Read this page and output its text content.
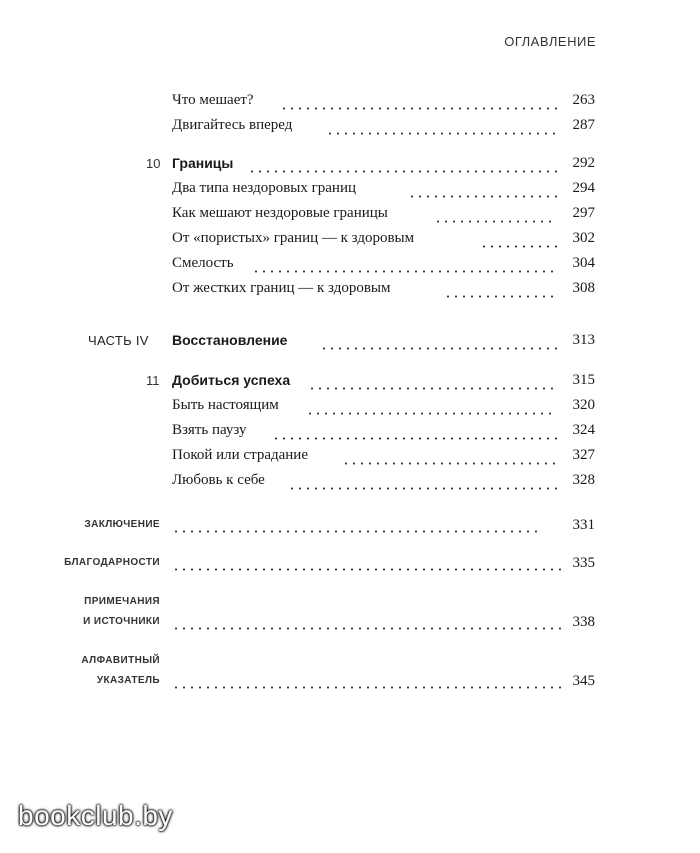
ОГЛАВЛЕНИЕ
Что мешает?	263
Двигайтесь вперед	287
10 Границы	292
Два типа нездоровых границ	294
Как мешают нездоровые границы	297
От «пористых» границ — к здоровым	302
Смелость	304
От жестких границ — к здоровым	308
ЧАСТЬ IV Восстановление	313
11 Добиться успеха	315
Быть настоящим	320
Взять паузу	324
Покой или страдание	327
Любовь к себе	328
ЗАКЛЮЧЕНИЕ	331
БЛАГОДАРНОСТИ	335
ПРИМЕЧАНИЯ
И ИСТОЧНИКИ	338
АЛФАВИТНЫЙ
УКАЗАТЕЛЬ	345
bookclub.by
